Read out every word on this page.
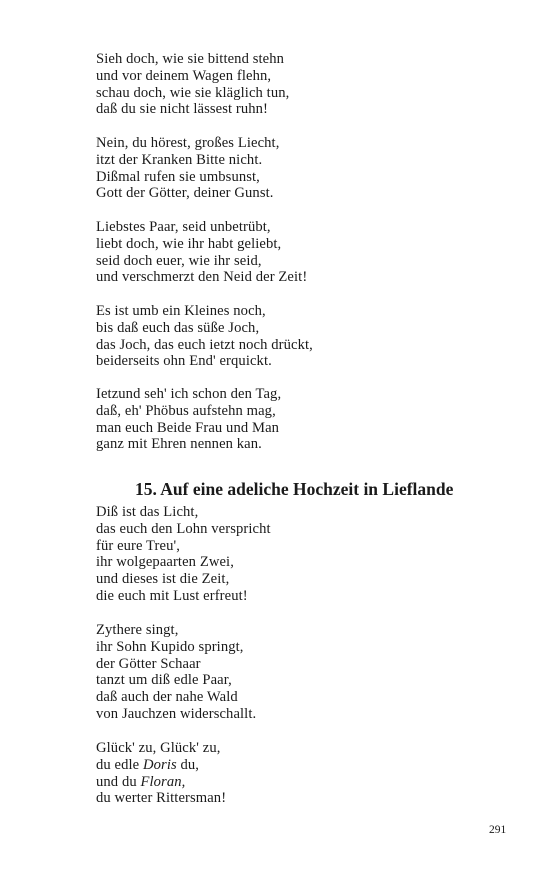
Sieh doch, wie sie bittend stehn
und vor deinem Wagen flehn,
schau doch, wie sie kläglich tun,
daß du sie nicht lässest ruhn!
Nein, du hörest, großes Liecht,
itzt der Kranken Bitte nicht.
Dißmal rufen sie umbsunst,
Gott der Götter, deiner Gunst.
Liebstes Paar, seid unbetrübt,
liebt doch, wie ihr habt geliebt,
seid doch euer, wie ihr seid,
und verschmerzt den Neid der Zeit!
Es ist umb ein Kleines noch,
bis daß euch das süße Joch,
das Joch, das euch ietzt noch drückt,
beiderseits ohn End' erquickt.
Ietzund seh' ich schon den Tag,
daß, eh' Phöbus aufstehn mag,
man euch Beide Frau und Man
ganz mit Ehren nennen kan.
15. Auf eine adeliche Hochzeit in Lieflande
Diß ist das Licht,
das euch den Lohn verspricht
für eure Treu',
ihr wolgepaarten Zwei,
und dieses ist die Zeit,
die euch mit Lust erfreut!
Zythere singt,
ihr Sohn Kupido springt,
der Götter Schaar
tanzt um diß edle Paar,
daß auch der nahe Wald
von Jauchzen widerschallt.
Glück' zu, Glück' zu,
du edle Doris du,
und du Floran,
du werter Rittersman!
291
